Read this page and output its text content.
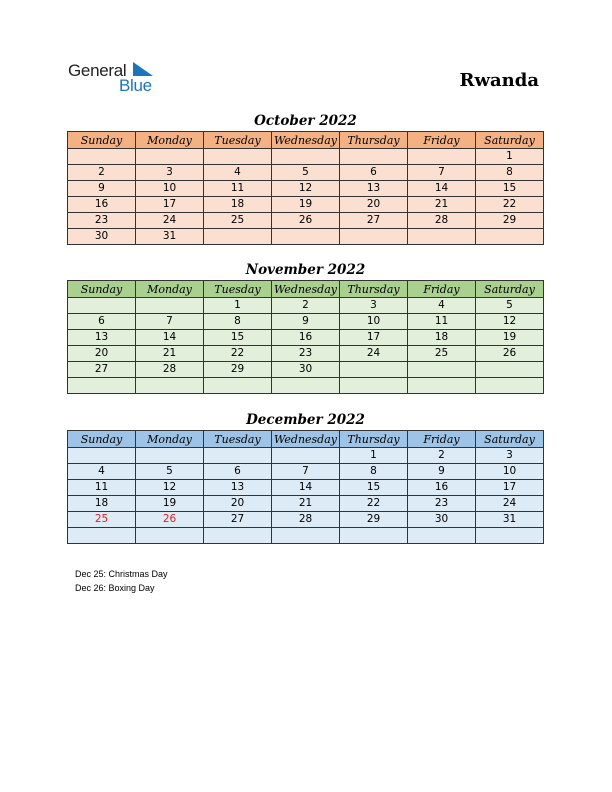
General
Blue	Rwanda
October 2022
Sunday	Monday	Tuesday	Wednesday	Thursday	Friday	Saturday
						1
2	3	4	5	6	7	8
9	10	11	12	13	14	15
16	17	18	19	20	21	22
23	24	25	26	27	28	29
30	31					
November 2022
Sunday	Monday	Tuesday	Wednesday	Thursday	Friday	Saturday
		1	2	3	4	5
6	7	8	9	10	11	12
13	14	15	16	17	18	19
20	21	22	23	24	25	26
27	28	29	30			

December 2022
Sunday	Monday	Tuesday	Wednesday	Thursday	Friday	Saturday
				1	2	3
4	5	6	7	8	9	10
11	12	13	14	15	16	17
18	19	20	21	22	23	24
25	26	27	28	29	30	31

Dec 25: Christmas Day
Dec 26: Boxing Day
